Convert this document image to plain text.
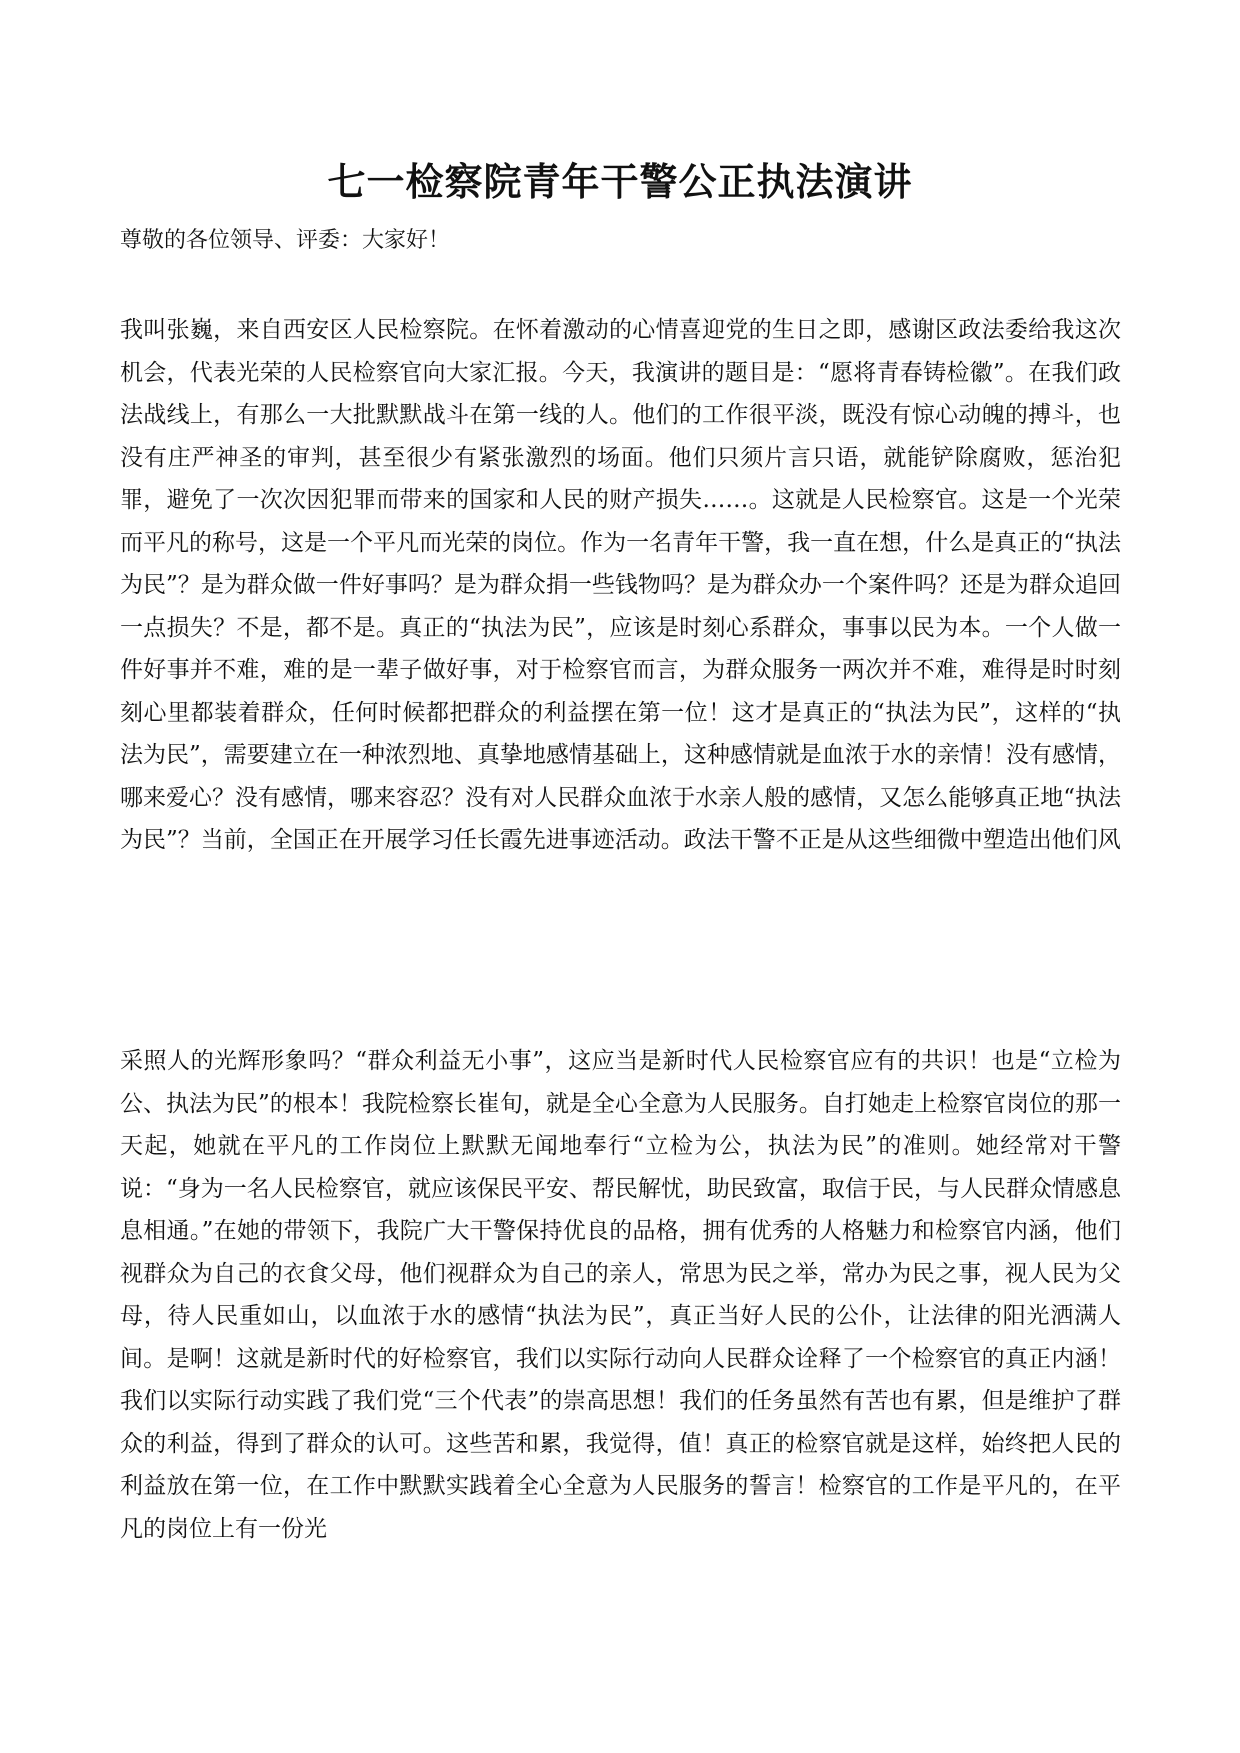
七一检察院青年干警公正执法演讲

尊敬的各位领导、评委：大家好！

我叫张巍，来自西安区人民检察院。在怀着激动的心情喜迎党的生日之即，感谢区政法委给我这次机会，代表光荣的人民检察官向大家汇报。今天，我演讲的题目是：“愿将青春铸检徽”。在我们政法战线上，有那么一大批默默战斗在第一线的人。他们的工作很平淡，既没有惊心动魄的搏斗，也没有庄严神圣的审判，甚至很少有紧张激烈的场面。他们只须片言只语，就能铲除腐败，惩治犯罪，避免了一次次因犯罪而带来的国家和人民的财产损失……。这就是人民检察官。这是一个光荣而平凡的称号，这是一个平凡而光荣的岗位。作为一名青年干警，我一直在想，什么是真正的“执法为民”？是为群众做一件好事吗？是为群众捐一些钱物吗？是为群众办一个案件吗？还是为群众追回一点损失？不是，都不是。真正的“执法为民”，应该是时刻心系群众，事事以民为本。一个人做一件好事并不难，难的是一辈子做好事，对于检察官而言，为群众服务一两次并不难，难得是时时刻刻心里都装着群众，任何时候都把群众的利益摆在第一位！这才是真正的“执法为民”，这样的“执法为民”，需要建立在一种浓烈地、真挚地感情基础上，这种感情就是血浓于水的亲情！没有感情，哪来爱心？没有感情，哪来容忍？没有对人民群众血浓于水亲人般的感情，又怎么能够真正地“执法为民”？当前，全国正在开展学习任长霞先进事迹活动。政法干警不正是从这些细微中塑造出他们风

采照人的光辉形象吗？“群众利益无小事”，这应当是新时代人民检察官应有的共识！也是“立检为公、执法为民”的根本！我院检察长崔旬，就是全心全意为人民服务。自打她走上检察官岗位的那一天起，她就在平凡的工作岗位上默默无闻地奉行“立检为公，执法为民”的准则。她经常对干警说：“身为一名人民检察官，就应该保民平安、帮民解忧，助民致富，取信于民，与人民群众情感息息相通。”在她的带领下，我院广大干警保持优良的品格，拥有优秀的人格魅力和检察官内涵，他们视群众为自己的衣食父母，他们视群众为自己的亲人，常思为民之举，常办为民之事，视人民为父母，待人民重如山，以血浓于水的感情“执法为民”，真正当好人民的公仆，让法律的阳光洒满人间。是啊！这就是新时代的好检察官，我们以实际行动向人民群众诠释了一个检察官的真正内涵！我们以实际行动实践了我们党“三个代表”的崇高思想！我们的任务虽然有苦也有累，但是维护了群众的利益，得到了群众的认可。这些苦和累，我觉得，值！真正的检察官就是这样，始终把人民的利益放在第一位，在工作中默默实践着全心全意为人民服务的誓言！检察官的工作是平凡的，在平凡的岗位上有一份光
